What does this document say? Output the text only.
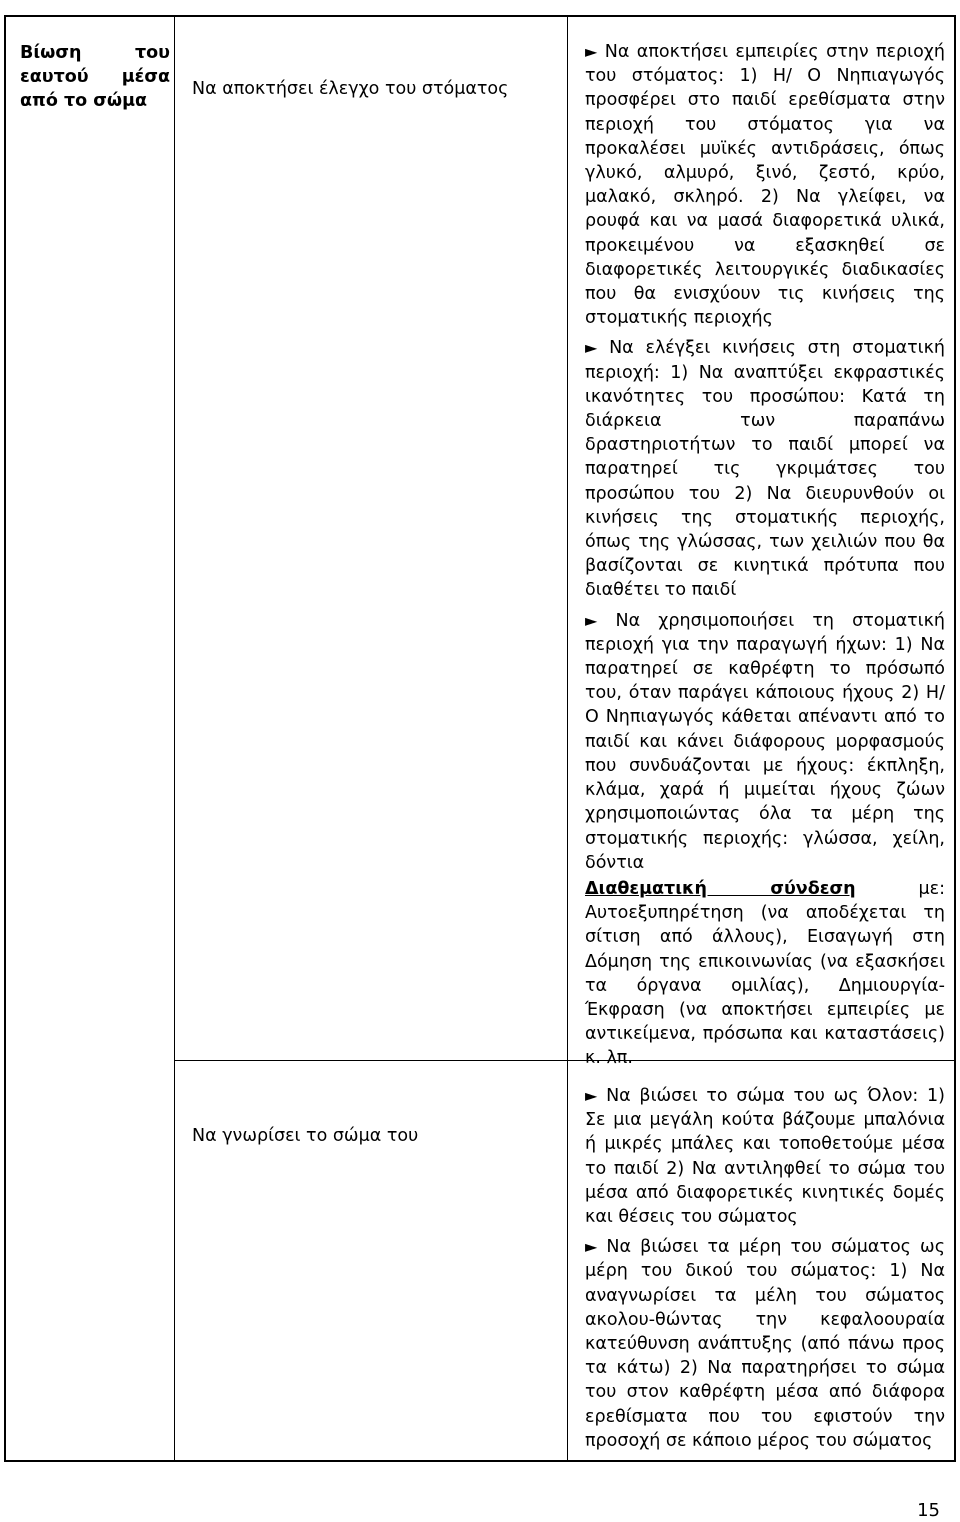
Βίωση του εαυτού μέσα από το σώμα
Να αποκτήσει έλεγχο του στόματος

► Να αποκτήσει εμπειρίες στην περιοχή του στόματος: 1) Η/ Ο Νηπιαγωγός προσφέρει στο παιδί ερεθίσματα στην περιοχή του στόματος για να προκαλέσει μυϊκές αντιδράσεις, όπως γλυκό, αλμυρό, ξινό, ζεστό, κρύο, μαλακό, σκληρό. 2) Να γλείφει, να ρουφά και να μασά διαφορετικά υλικά, προκειμένου να εξασκηθεί σε διαφορετικές λειτουργικές διαδικασίες που θα ενισχύουν τις κινήσεις της στοματικής περιοχής

► Να ελέγξει κινήσεις στη στοματική περιοχή: 1) Να αναπτύξει εκφραστικές ικανότητες του προσώπου: Κατά τη διάρκεια των παραπάνω δραστηριοτήτων το παιδί μπορεί να παρατηρεί τις γκριμάτσες του προσώπου του 2) Να διευρυνθούν οι κινήσεις της στοματικής περιοχής, όπως της γλώσσας, των χειλιών που θα βασίζονται σε κινητικά πρότυπα που διαθέτει το παιδί

► Να χρησιμοποιήσει τη στοματική περιοχή για την παραγωγή ήχων: 1) Να παρατηρεί σε καθρέφτη το πρόσωπό του, όταν παράγει κάποιους ήχους 2) Η/ Ο Νηπιαγωγός κάθεται απέναντι από το παιδί και κάνει διάφορους μορφασμούς που συνδυάζονται με ήχους: έκπληξη, κλάμα, χαρά ή μιμείται ήχους ζώων χρησιμοποιώντας όλα τα μέρη της στοματικής περιοχής: γλώσσα, χείλη, δόντια

Διαθεματική σύνδεση με: Αυτοεξυπηρέτηση (να αποδέχεται τη σίτιση από άλλους), Εισαγωγή στη Δόμηση της επικοινωνίας (να εξασκήσει τα όργανα ομιλίας), Δημιουργία-Έκφραση (να αποκτήσει εμπειρίες με αντικείμενα, πρόσωπα και καταστάσεις) κ. λπ.

Να γνωρίσει το σώμα του

► Να βιώσει το σώμα του ως Όλον: 1) Σε μια μεγάλη κούτα βάζουμε μπαλόνια ή μικρές μπάλες και τοποθετούμε μέσα το παιδί 2) Να αντιληφθεί το σώμα του μέσα από διαφορετικές κινητικές δομές και θέσεις του σώματος

► Να βιώσει τα μέρη του σώματος ως μέρη του δικού του σώματος: 1) Να αναγνωρίσει τα μέλη του σώματος ακολου-θώντας την κεφαλοουραία κατεύθυνση ανάπτυξης (από πάνω προς τα κάτω) 2) Να παρατηρήσει το σώμα του στον καθρέφτη μέσα από διάφορα ερεθίσματα που του εφιστούν την προσοχή σε κάποιο μέρος του σώματος

15
